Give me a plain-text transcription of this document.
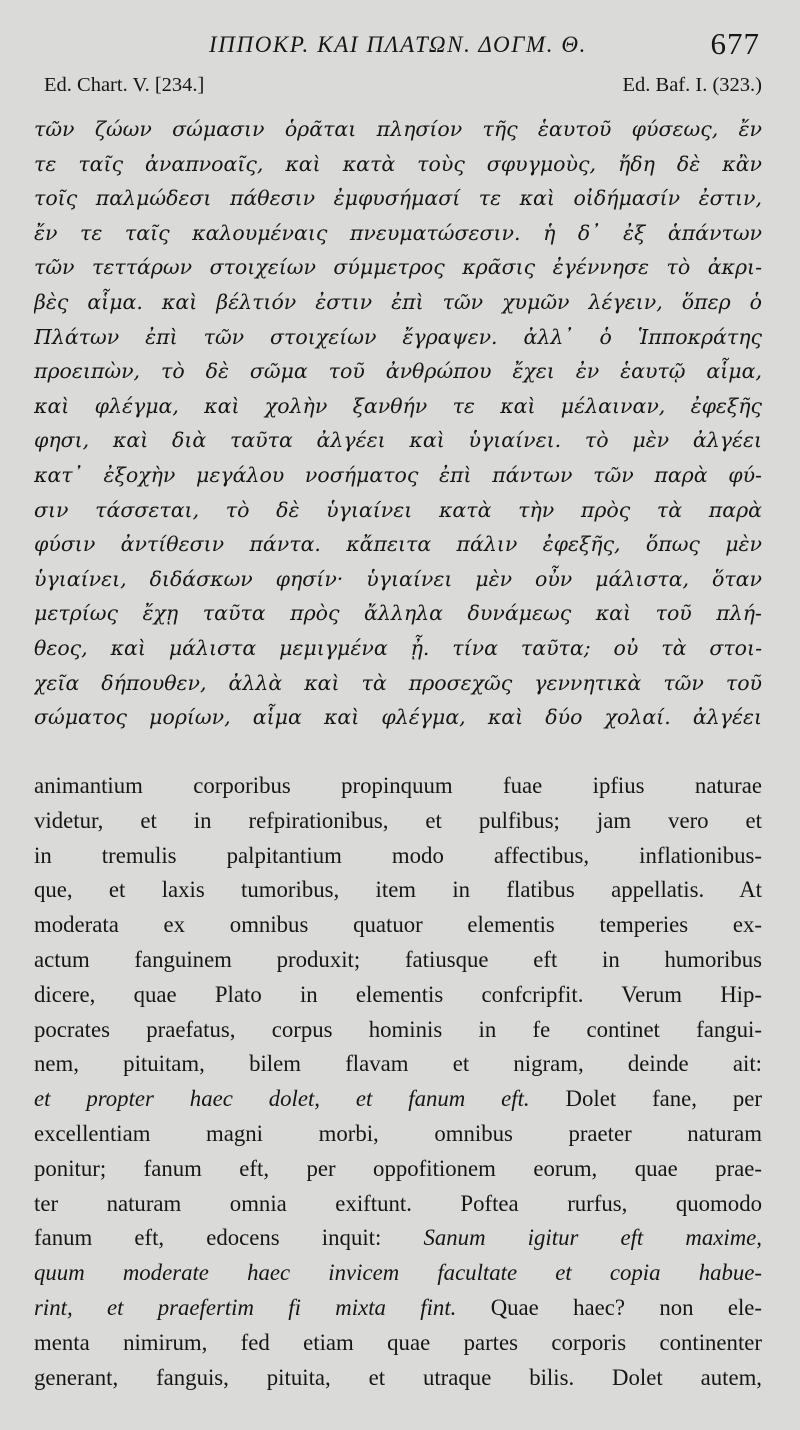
ΙΠΠΟΚΡ. ΚΑΙ ΠΛΑΤΩΝ. ΔΟΓΜ. Θ.	677
Ed. Chart. V. [234.]	Ed. Baf. I. (323.)
τῶν ζώων σώμασιν ὁρᾶται πλησίον τῆς ἑαυτοῦ φύσεως, ἔν
τε ταῖς ἀναπνοαῖς, καὶ κατὰ τοὺς σφυγμοὺς, ἤδη δὲ κἂν
τοῖς παλμώδεσι πάθεσιν ἐμφυσήμασί τε καὶ οἰδήμασίν ἐστιν,
ἔν τε ταῖς καλουμέναις πνευματώσεσιν. ἡ δ᾽ ἐξ ἁπάντων
τῶν τεττάρων στοιχείων σύμμετρος κρᾶσις ἐγέννησε τὸ ἀκρι-
βὲς αἷμα. καὶ βέλτιόν ἐστιν ἐπὶ τῶν χυμῶν λέγειν, ὅπερ ὁ
Πλάτων ἐπὶ τῶν στοιχείων ἔγραψεν. ἀλλ᾽ ὁ Ἱπποκράτης
προειπὼν, τὸ δὲ σῶμα τοῦ ἀνθρώπου ἔχει ἐν ἑαυτῷ αἷμα,
καὶ φλέγμα, καὶ χολὴν ξανθήν τε καὶ μέλαιναν, ἐφεξῆς
φησι, καὶ διὰ ταῦτα ἀλγέει καὶ ὑγιαίνει. τὸ μὲν ἀλγέει
κατ᾽ ἐξοχὴν μεγάλου νοσήματος ἐπὶ πάντων τῶν παρὰ φύ-
σιν τάσσεται, τὸ δὲ ὑγιαίνει κατὰ τὴν πρὸς τὰ παρὰ
φύσιν ἀντίθεσιν πάντα. κἄπειτα πάλιν ἐφεξῆς, ὅπως μὲν
ὑγιαίνει, διδάσκων φησίν· ὑγιαίνει μὲν οὖν μάλιστα, ὅταν
μετρίως ἔχῃ ταῦτα πρὸς ἄλληλα δυνάμεως καὶ τοῦ πλή-
θεος, καὶ μάλιστα μεμιγμένα ᾖ. τίνα ταῦτα; οὐ τὰ στοι-
χεῖα δήπουθεν, ἀλλὰ καὶ τὰ προσεχῶς γεννητικὰ τῶν τοῦ
σώματος μορίων, αἷμα καὶ φλέγμα, καὶ δύο χολαί. ἀλγέει
animantium corporibus propinquum fuae ipfius naturae
videtur, et in refpirationibus, et pulfibus; jam vero et
in tremulis palpitantium modo affectibus, inflationibus-
que, et laxis tumoribus, item in flatibus appellatis. At
moderata ex omnibus quatuor elementis temperies ex-
actum fanguinem produxit; fatiusque eft in humoribus
dicere, quae Plato in elementis confcripfit. Verum Hip-
pocrates praefatus, corpus hominis in fe continet fangui-
nem, pituitam, bilem flavam et nigram, deinde ait:
et propter haec dolet, et fanum eft. Dolet fane, per
excellentiam magni morbi, omnibus praeter naturam
ponitur; fanum eft, per oppofitionem eorum, quae prae-
ter naturam omnia exiftunt. Poftea rurfus, quomodo
fanum eft, edocens inquit: Sanum igitur eft maxime,
quum moderate haec invicem facultate et copia habue-
rint, et praefertim fi mixta fint. Quae haec? non ele-
menta nimirum, fed etiam quae partes corporis continenter
generant, fanguis, pituita, et utraque bilis. Dolet autem,
